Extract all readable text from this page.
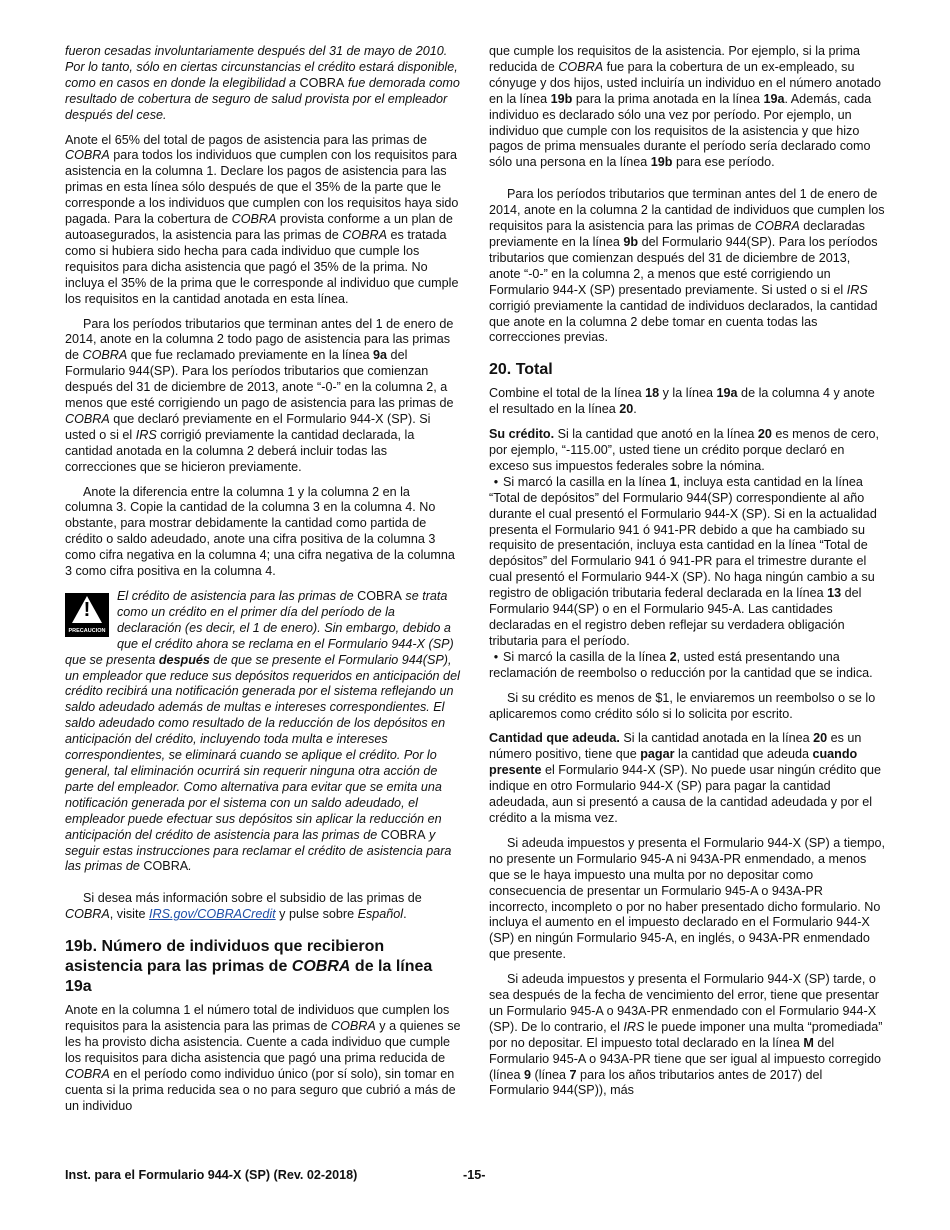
fueron cesadas involuntariamente después del 31 de mayo de 2010. Por lo tanto, sólo en ciertas circunstancias el crédito estará disponible, como en casos en donde la elegibilidad a COBRA fue demorada como resultado de cobertura de seguro de salud provista por el empleador después del cese.

Anote el 65% del total de pagos de asistencia para las primas de COBRA para todos los individuos que cumplen con los requisitos para asistencia en la columna 1. Declare los pagos de asistencia para las primas en esta línea sólo después de que el 35% de la parte que le corresponde a los individuos que cumplen con los requisitos haya sido pagada. Para la cobertura de COBRA provista conforme a un plan de autoasegurados, la asistencia para las primas de COBRA es tratada como si hubiera sido hecha para cada individuo que cumple los requisitos para dicha asistencia que pagó el 35% de la prima. No incluya el 35% de la prima que le corresponde al individuo que cumple los requisitos en la cantidad anotada en esta línea.

Para los períodos tributarios que terminan antes del 1 de enero de 2014, anote en la columna 2 todo pago de asistencia para las primas de COBRA que fue reclamado previamente en la línea 9a del Formulario 944(SP). Para los períodos tributarios que comienzan después del 31 de diciembre de 2013, anote “-0-” en la columna 2, a menos que esté corrigiendo un pago de asistencia para las primas de COBRA que declaró previamente en el Formulario 944-X (SP). Si usted o si el IRS corrigió previamente la cantidad declarada, la cantidad anotada en la columna 2 deberá incluir todas las correcciones que se hicieron previamente.

Anote la diferencia entre la columna 1 y la columna 2 en la columna 3. Copie la cantidad de la columna 3 en la columna 4. No obstante, para mostrar debidamente la cantidad como partida de crédito o saldo adeudado, anote una cifra positiva de la columna 3 como cifra negativa en la columna 4; una cifra negativa de la columna 3 como cifra positiva en la columna 4.

!
PRECAUCION
El crédito de asistencia para las primas de COBRA se trata como un crédito en el primer día del período de la declaración (es decir, el 1 de enero). Sin embargo, debido a que el crédito ahora se reclama en el Formulario 944-X (SP) que se presenta después de que se presente el Formulario 944(SP), un empleador que reduce sus depósitos requeridos en anticipación del crédito recibirá una notificación generada por el sistema reflejando un saldo adeudado además de multas e intereses correspondientes. El saldo adeudado como resultado de la reducción de los depósitos en anticipación del crédito, incluyendo toda multa e intereses correspondientes, se eliminará cuando se aplique el crédito. Por lo general, tal eliminación ocurrirá sin requerir ninguna otra acción de parte del empleador. Como alternativa para evitar que se emita una notificación generada por el sistema con un saldo adeudado, el empleador puede efectuar sus depósitos sin aplicar la reducción en anticipación del crédito de asistencia para las primas de COBRA y seguir estas instrucciones para reclamar el crédito de asistencia para las primas de COBRA.

Si desea más información sobre el subsidio de las primas de COBRA, visite IRS.gov/COBRACredit y pulse sobre Español.

19b. Número de individuos que recibieron asistencia para las primas de COBRA de la línea 19a

Anote en la columna 1 el número total de individuos que cumplen los requisitos para la asistencia para las primas de COBRA y a quienes se les ha provisto dicha asistencia. Cuente a cada individuo que cumple los requisitos para dicha asistencia que pagó una prima reducida de COBRA en el período como individuo único (por sí solo), sin tomar en cuenta si la prima reducida sea o no para seguro que cubrió a más de un individuo

que cumple los requisitos de la asistencia. Por ejemplo, si la prima reducida de COBRA fue para la cobertura de un ex-empleado, su cónyuge y dos hijos, usted incluiría un individuo en el número anotado en la línea 19b para la prima anotada en la línea 19a. Además, cada individuo es declarado sólo una vez por período. Por ejemplo, un individuo que cumple con los requisitos de la asistencia y que hizo pagos de prima mensuales durante el período sería declarado como sólo una persona en la línea 19b para ese período.

Para los períodos tributarios que terminan antes del 1 de enero de 2014, anote en la columna 2 la cantidad de individuos que cumplen los requisitos para la asistencia para las primas de COBRA declaradas previamente en la línea 9b del Formulario 944(SP). Para los períodos tributarios que comienzan después del 31 de diciembre de 2013, anote “-0-” en la columna 2, a menos que esté corrigiendo un Formulario 944-X (SP) presentado previamente. Si usted o si el IRS corrigió previamente la cantidad de individuos declarados, la cantidad que anote en la columna 2 debe tomar en cuenta todas las correcciones previas.

20. Total

Combine el total de la línea 18 y la línea 19a de la columna 4 y anote el resultado en la línea 20.

Su crédito. Si la cantidad que anotó en la línea 20 es menos de cero, por ejemplo, “-115.00”, usted tiene un crédito porque declaró en exceso sus impuestos federales sobre la nómina.

• Si marcó la casilla en la línea 1, incluya esta cantidad en la línea “Total de depósitos” del Formulario 944(SP) correspondiente al año durante el cual presentó el Formulario 944-X (SP). Si en la actualidad presenta el Formulario 941 ó 941-PR debido a que ha cambiado su requisito de presentación, incluya esta cantidad en la línea “Total de depósitos” del Formulario 941 ó 941-PR para el trimestre durante el cual presentó el Formulario 944-X (SP). No haga ningún cambio a su registro de obligación tributaria federal declarada en la línea 13 del Formulario 944(SP) o en el Formulario 945-A. Las cantidades declaradas en el registro deben reflejar su verdadera obligación tributaria para el período.

• Si marcó la casilla de la línea 2, usted está presentando una reclamación de reembolso o reducción por la cantidad que se indica.

Si su crédito es menos de $1, le enviaremos un reembolso o se lo aplicaremos como crédito sólo si lo solicita por escrito.

Cantidad que adeuda. Si la cantidad anotada en la línea 20 es un número positivo, tiene que pagar la cantidad que adeuda cuando presente el Formulario 944-X (SP). No puede usar ningún crédito que indique en otro Formulario 944-X (SP) para pagar la cantidad adeudada, aun si presentó a causa de la cantidad adeudada y por el crédito a la misma vez.

Si adeuda impuestos y presenta el Formulario 944-X (SP) a tiempo, no presente un Formulario 945-A ni 943A-PR enmendado, a menos que se le haya impuesto una multa por no depositar como consecuencia de presentar un Formulario 945-A o 943A-PR incorrecto, incompleto o por no haber presentado dicho formulario. No incluya el aumento en el impuesto declarado en el Formulario 944-X (SP) en ningún Formulario 945-A, en inglés, o 943A-PR enmendado que presente.

Si adeuda impuestos y presenta el Formulario 944-X (SP) tarde, o sea después de la fecha de vencimiento del error, tiene que presentar un Formulario 945-A o 943A-PR enmendado con el Formulario 944-X (SP). De lo contrario, el IRS le puede imponer una multa “promediada” por no depositar. El impuesto total declarado en la línea M del Formulario 945-A o 943A-PR tiene que ser igual al impuesto corregido (línea 9 (línea 7 para los años tributarios antes de 2017) del Formulario 944(SP)), más

Inst. para el Formulario 944-X (SP) (Rev. 02-2018)	-15-
